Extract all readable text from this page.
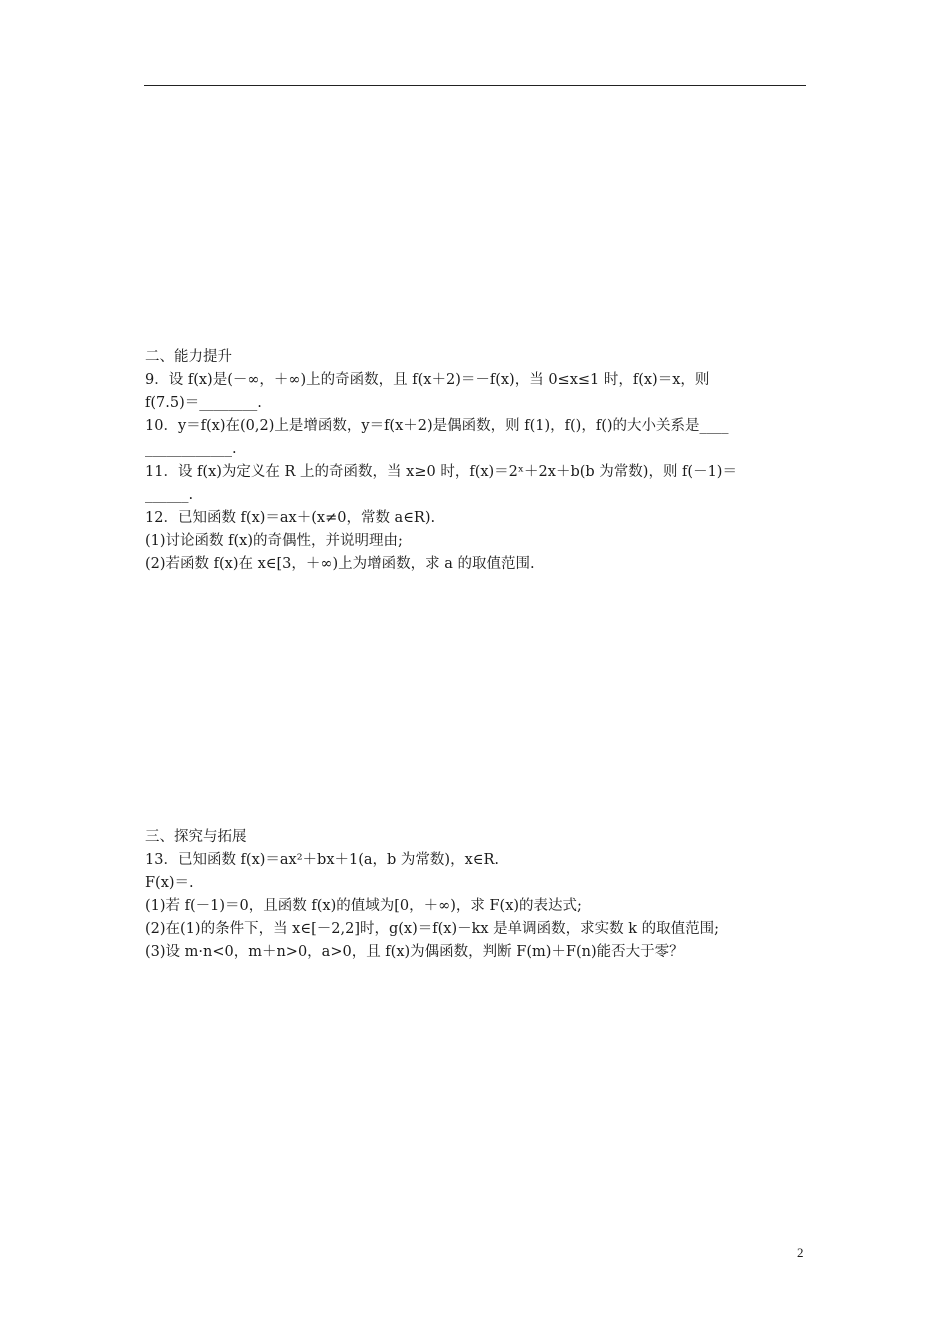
二、能力提升
9．设 f(x)是(－∞，＋∞)上的奇函数，且 f(x＋2)＝－f(x)，当 0≤x≤1 时，f(x)＝x，则
f(7.5)＝________.
10．y＝f(x)在(0,2)上是增函数，y＝f(x＋2)是偶函数，则 f(1)，f()，f()的大小关系是____
____________.
11．设 f(x)为定义在 R 上的奇函数，当 x≥0 时，f(x)＝2ˣ＋2x＋b(b 为常数)，则 f(－1)＝
______.
12．已知函数 f(x)＝ax＋(x≠0，常数 a∈R).
(1)讨论函数 f(x)的奇偶性，并说明理由;
(2)若函数 f(x)在 x∈[3，＋∞)上为增函数，求 a 的取值范围.
三、探究与拓展
13．已知函数 f(x)＝ax²＋bx＋1(a，b 为常数)，x∈R.
F(x)＝.
(1)若 f(－1)＝0，且函数 f(x)的值域为[0，＋∞)，求 F(x)的表达式;
(2)在(1)的条件下，当 x∈[－2,2]时，g(x)＝f(x)－kx 是单调函数，求实数 k 的取值范围;
(3)设 m·n<0，m＋n>0，a>0，且 f(x)为偶函数，判断 F(m)＋F(n)能否大于零？
2
